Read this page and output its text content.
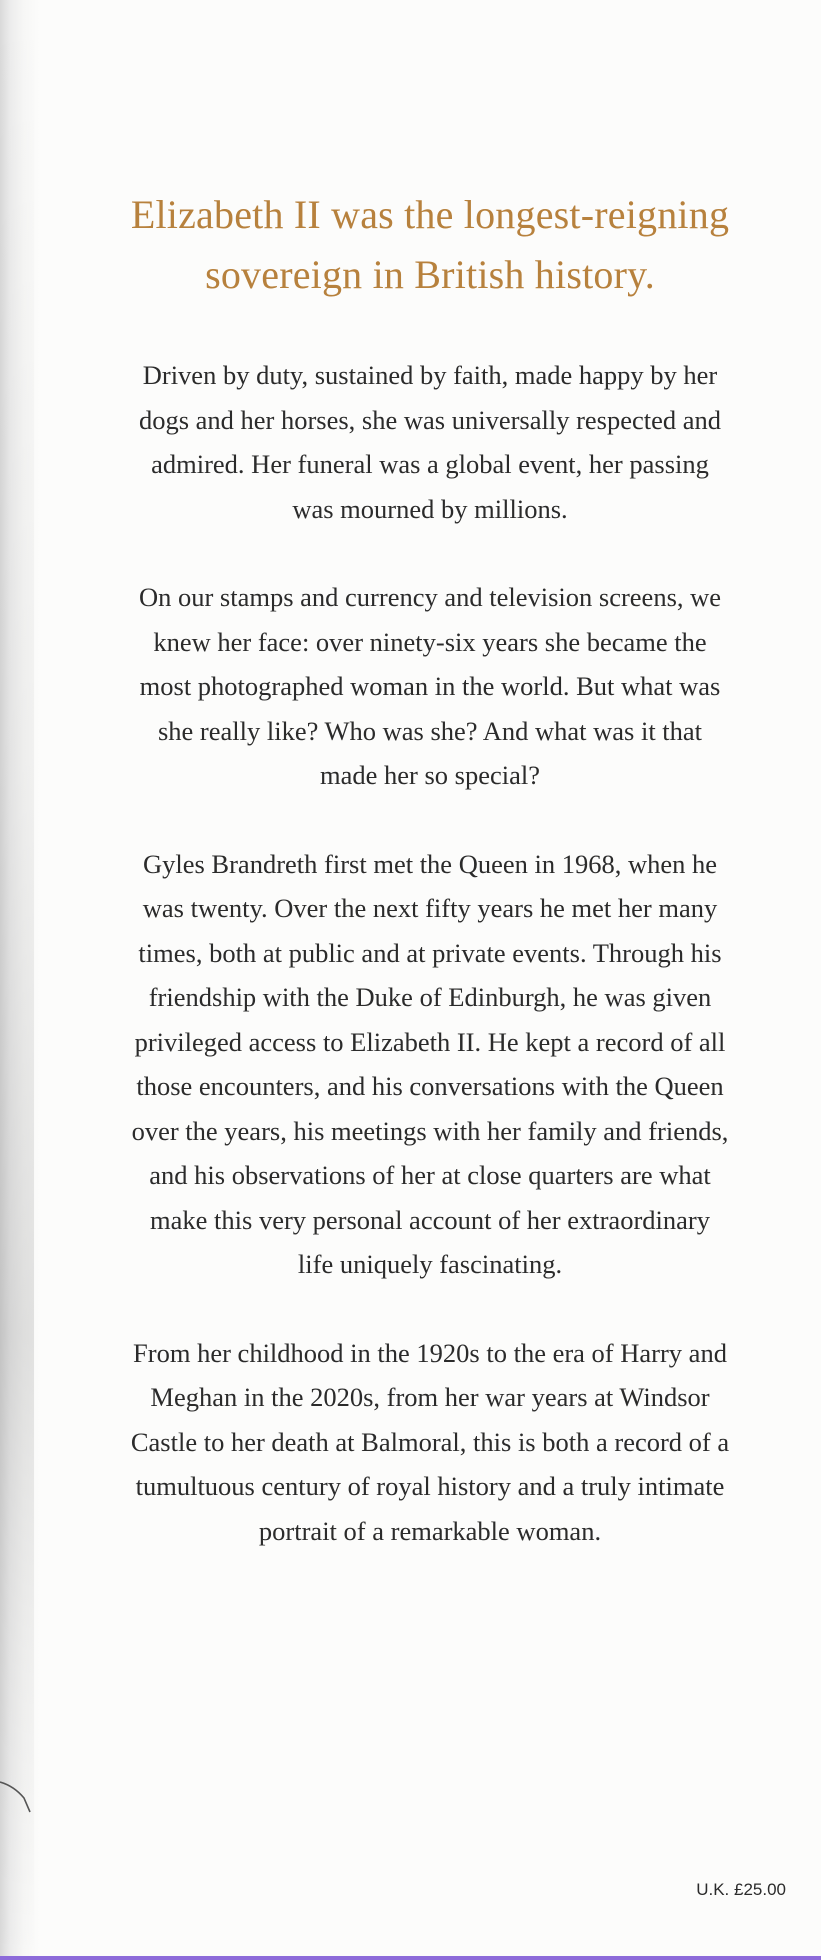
Elizabeth II was the longest-reigning sovereign in British history.

Driven by duty, sustained by faith, made happy by her dogs and her horses, she was universally respected and admired. Her funeral was a global event, her passing was mourned by millions.

On our stamps and currency and television screens, we knew her face: over ninety-six years she became the most photographed woman in the world. But what was she really like? Who was she? And what was it that made her so special?

Gyles Brandreth first met the Queen in 1968, when he was twenty. Over the next fifty years he met her many times, both at public and at private events. Through his friendship with the Duke of Edinburgh, he was given privileged access to Elizabeth II. He kept a record of all those encounters, and his conversations with the Queen over the years, his meetings with her family and friends, and his observations of her at close quarters are what make this very personal account of her extraordinary life uniquely fascinating.

From her childhood in the 1920s to the era of Harry and Meghan in the 2020s, from her war years at Windsor Castle to her death at Balmoral, this is both a record of a tumultuous century of royal history and a truly intimate portrait of a remarkable woman.

U.K. £25.00
